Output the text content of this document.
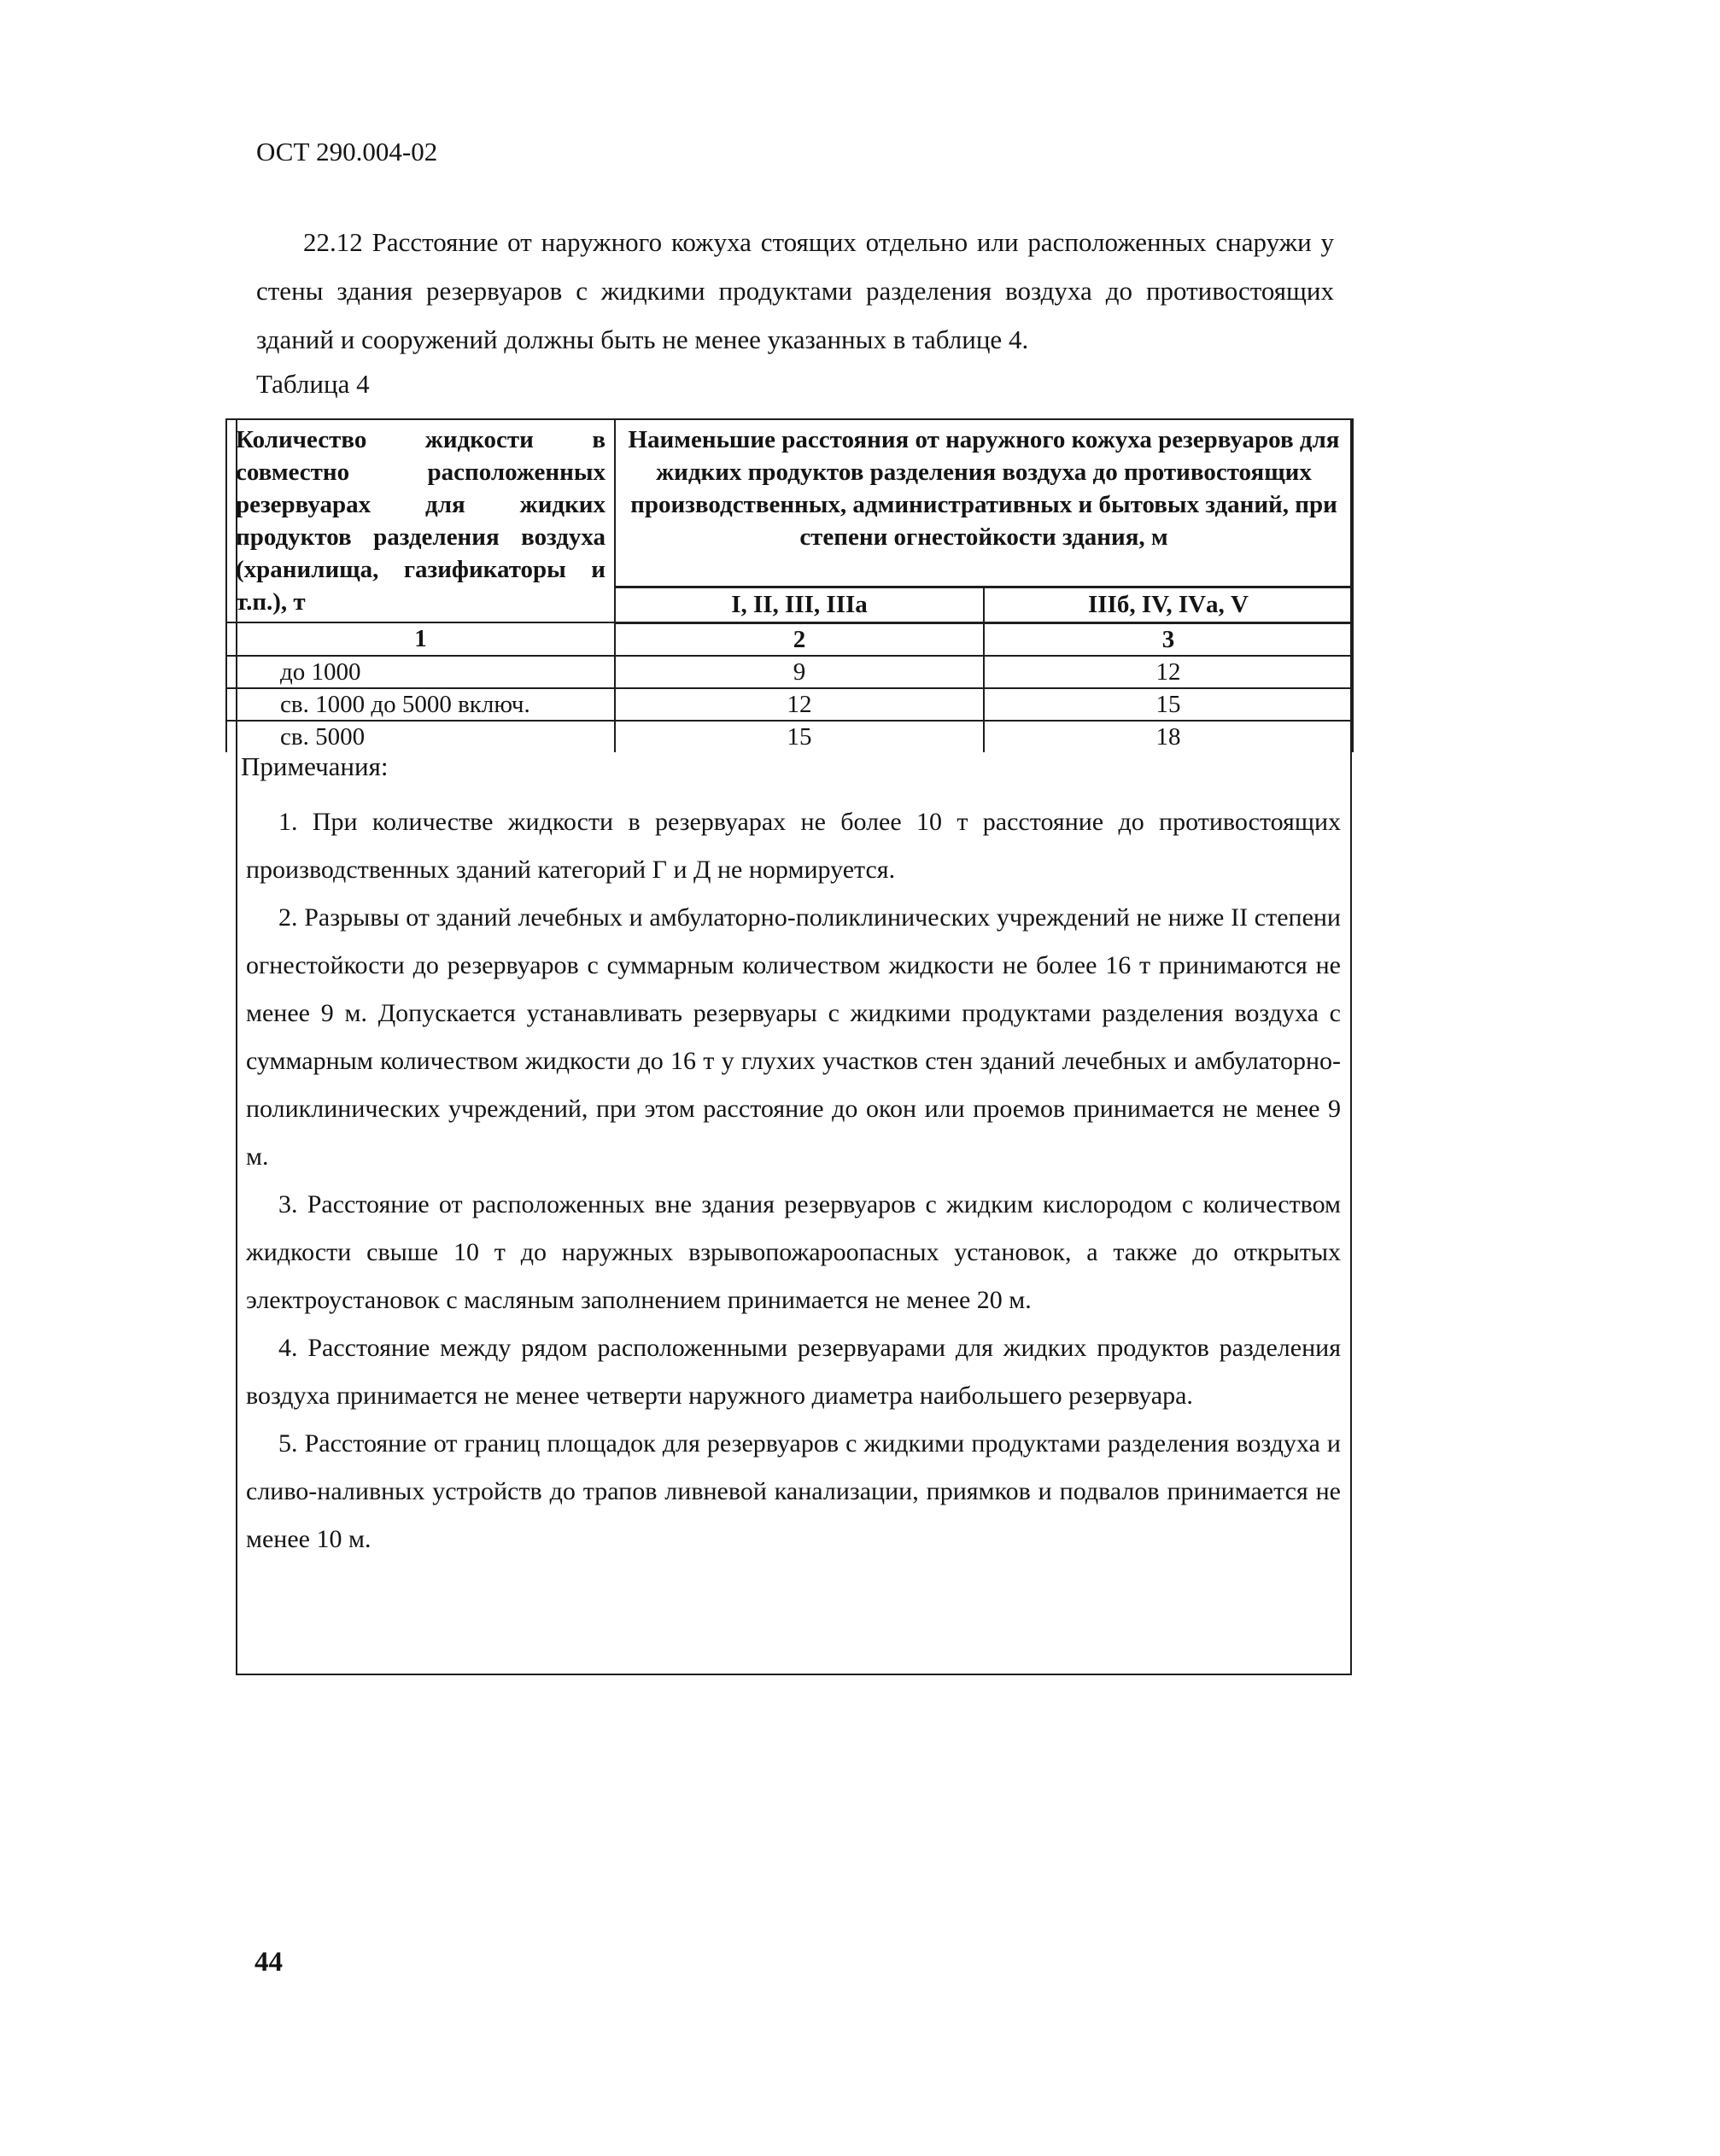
ОСТ 290.004-02

22.12 Расстояние от наружного кожуха стоящих отдельно или расположенных снаружи у стены здания резервуаров с жидкими продуктами разделения воздуха до противостоящих зданий и сооружений должны быть не менее указанных в таблице 4.

Таблица 4
Количество жидкости в совместно расположенных резервуарах для жидких продуктов разделения воздуха (хранилища, газификаторы и т.п.), т	Наименьшие расстояния от наружного кожуха резервуаров для жидких продуктов разделения воздуха до противостоящих производственных, административных и бытовых зданий, при степени огнестойкости здания, м	
	I, II, III, IIIа	IIIб, IV, IVа, V
1	2	3
до 1000	9	12
св. 1000 до 5000 включ.	12	15
св. 5000	15	18
Примечания:

1. При количестве жидкости в резервуарах не более 10 т расстояние до противостоящих производственных зданий категорий Г и Д не нормируется.

2. Разрывы от зданий лечебных и амбулаторно-поликлинических учреждений не ниже II степени огнестойкости до резервуаров с суммарным количеством жидкости не более 16 т принимаются не менее 9 м. Допускается устанавливать резервуары с жидкими продуктами разделения воздуха с суммарным количеством жидкости до 16 т у глухих участков стен зданий лечебных и амбулаторно-поликлинических учреждений, при этом расстояние до окон или проемов принимается не менее 9 м.

3. Расстояние от расположенных вне здания резервуаров с жидким кислородом с количеством жидкости свыше 10 т до наружных взрывопожароопасных установок, а также до открытых электроустановок с масляным заполнением принимается не менее 20 м.

4. Расстояние между рядом расположенными резервуарами для жидких продуктов разделения воздуха принимается не менее четверти наружного диаметра наибольшего резервуара.

5. Расстояние от границ площадок для резервуаров с жидкими продуктами разделения воздуха и сливо-наливных устройств до трапов ливневой канализации, приямков и подвалов принимается не менее 10 м.

44
